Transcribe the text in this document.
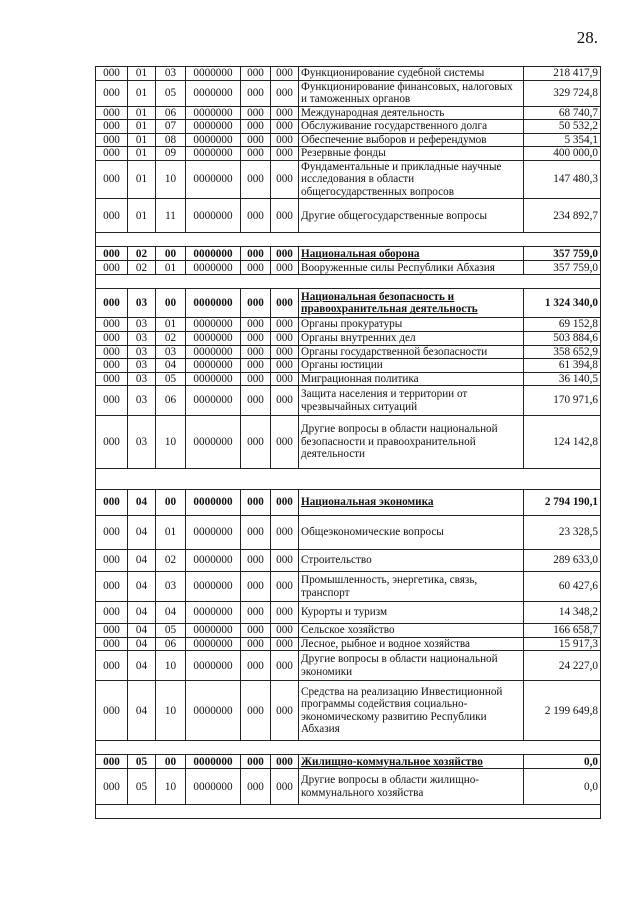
28.
000	01	03	0000000	000	000	Функционирование судебной системы	218 417,9
000	01	05	0000000	000	000	Функционирование финансовых, налоговых и таможенных органов	329 724,8
000	01	06	0000000	000	000	Международная деятельность	68 740,7
000	01	07	0000000	000	000	Обслуживание государственного долга	50 532,2
000	01	08	0000000	000	000	Обеспечение выборов и референдумов	5 354,1
000	01	09	0000000	000	000	Резервные фонды	400 000,0
000	01	10	0000000	000	000	Фундаментальные и прикладные научные исследования в области общегосударственных вопросов	147 480,3
000	01	11	0000000	000	000	Другие общегосударственные вопросы	234 892,7

000	02	00	0000000	000	000	Национальная оборона	357 759,0
000	02	01	0000000	000	000	Вооруженные силы Республики Абхазия	357 759,0

000	03	00	0000000	000	000	Национальная безопасность и правоохранительная деятельность	1 324 340,0
000	03	01	0000000	000	000	Органы прокуратуры	69 152,8
000	03	02	0000000	000	000	Органы внутренних дел	503 884,6
000	03	03	0000000	000	000	Органы государственной безопасности	358 652,9
000	03	04	0000000	000	000	Органы юстиции	61 394,8
000	03	05	0000000	000	000	Миграционная политика	36 140,5
000	03	06	0000000	000	000	Защита населения и территории от чрезвычайных ситуаций	170 971,6
000	03	10	0000000	000	000	Другие вопросы в области национальной безопасности и правоохранительной деятельности	124 142,8

000	04	00	0000000	000	000	Национальная экономика	2 794 190,1
000	04	01	0000000	000	000	Общеэкономические вопросы	23 328,5
000	04	02	0000000	000	000	Строительство	289 633,0
000	04	03	0000000	000	000	Промышленность, энергетика, связь, транспорт	60 427,6
000	04	04	0000000	000	000	Курорты и туризм	14 348,2
000	04	05	0000000	000	000	Сельское хозяйство	166 658,7
000	04	06	0000000	000	000	Лесное, рыбное и водное хозяйства	15 917,3
000	04	10	0000000	000	000	Другие вопросы в области национальной экономики	24 227,0
000	04	10	0000000	000	000	Средства на реализацию Инвестиционной программы содействия социально-экономическому развитию Республики Абхазия	2 199 649,8

000	05	00	0000000	000	000	Жилищно-коммунальное хозяйство	0,0
000	05	10	0000000	000	000	Другие вопросы в области жилищно-коммунального хозяйства	0,0
